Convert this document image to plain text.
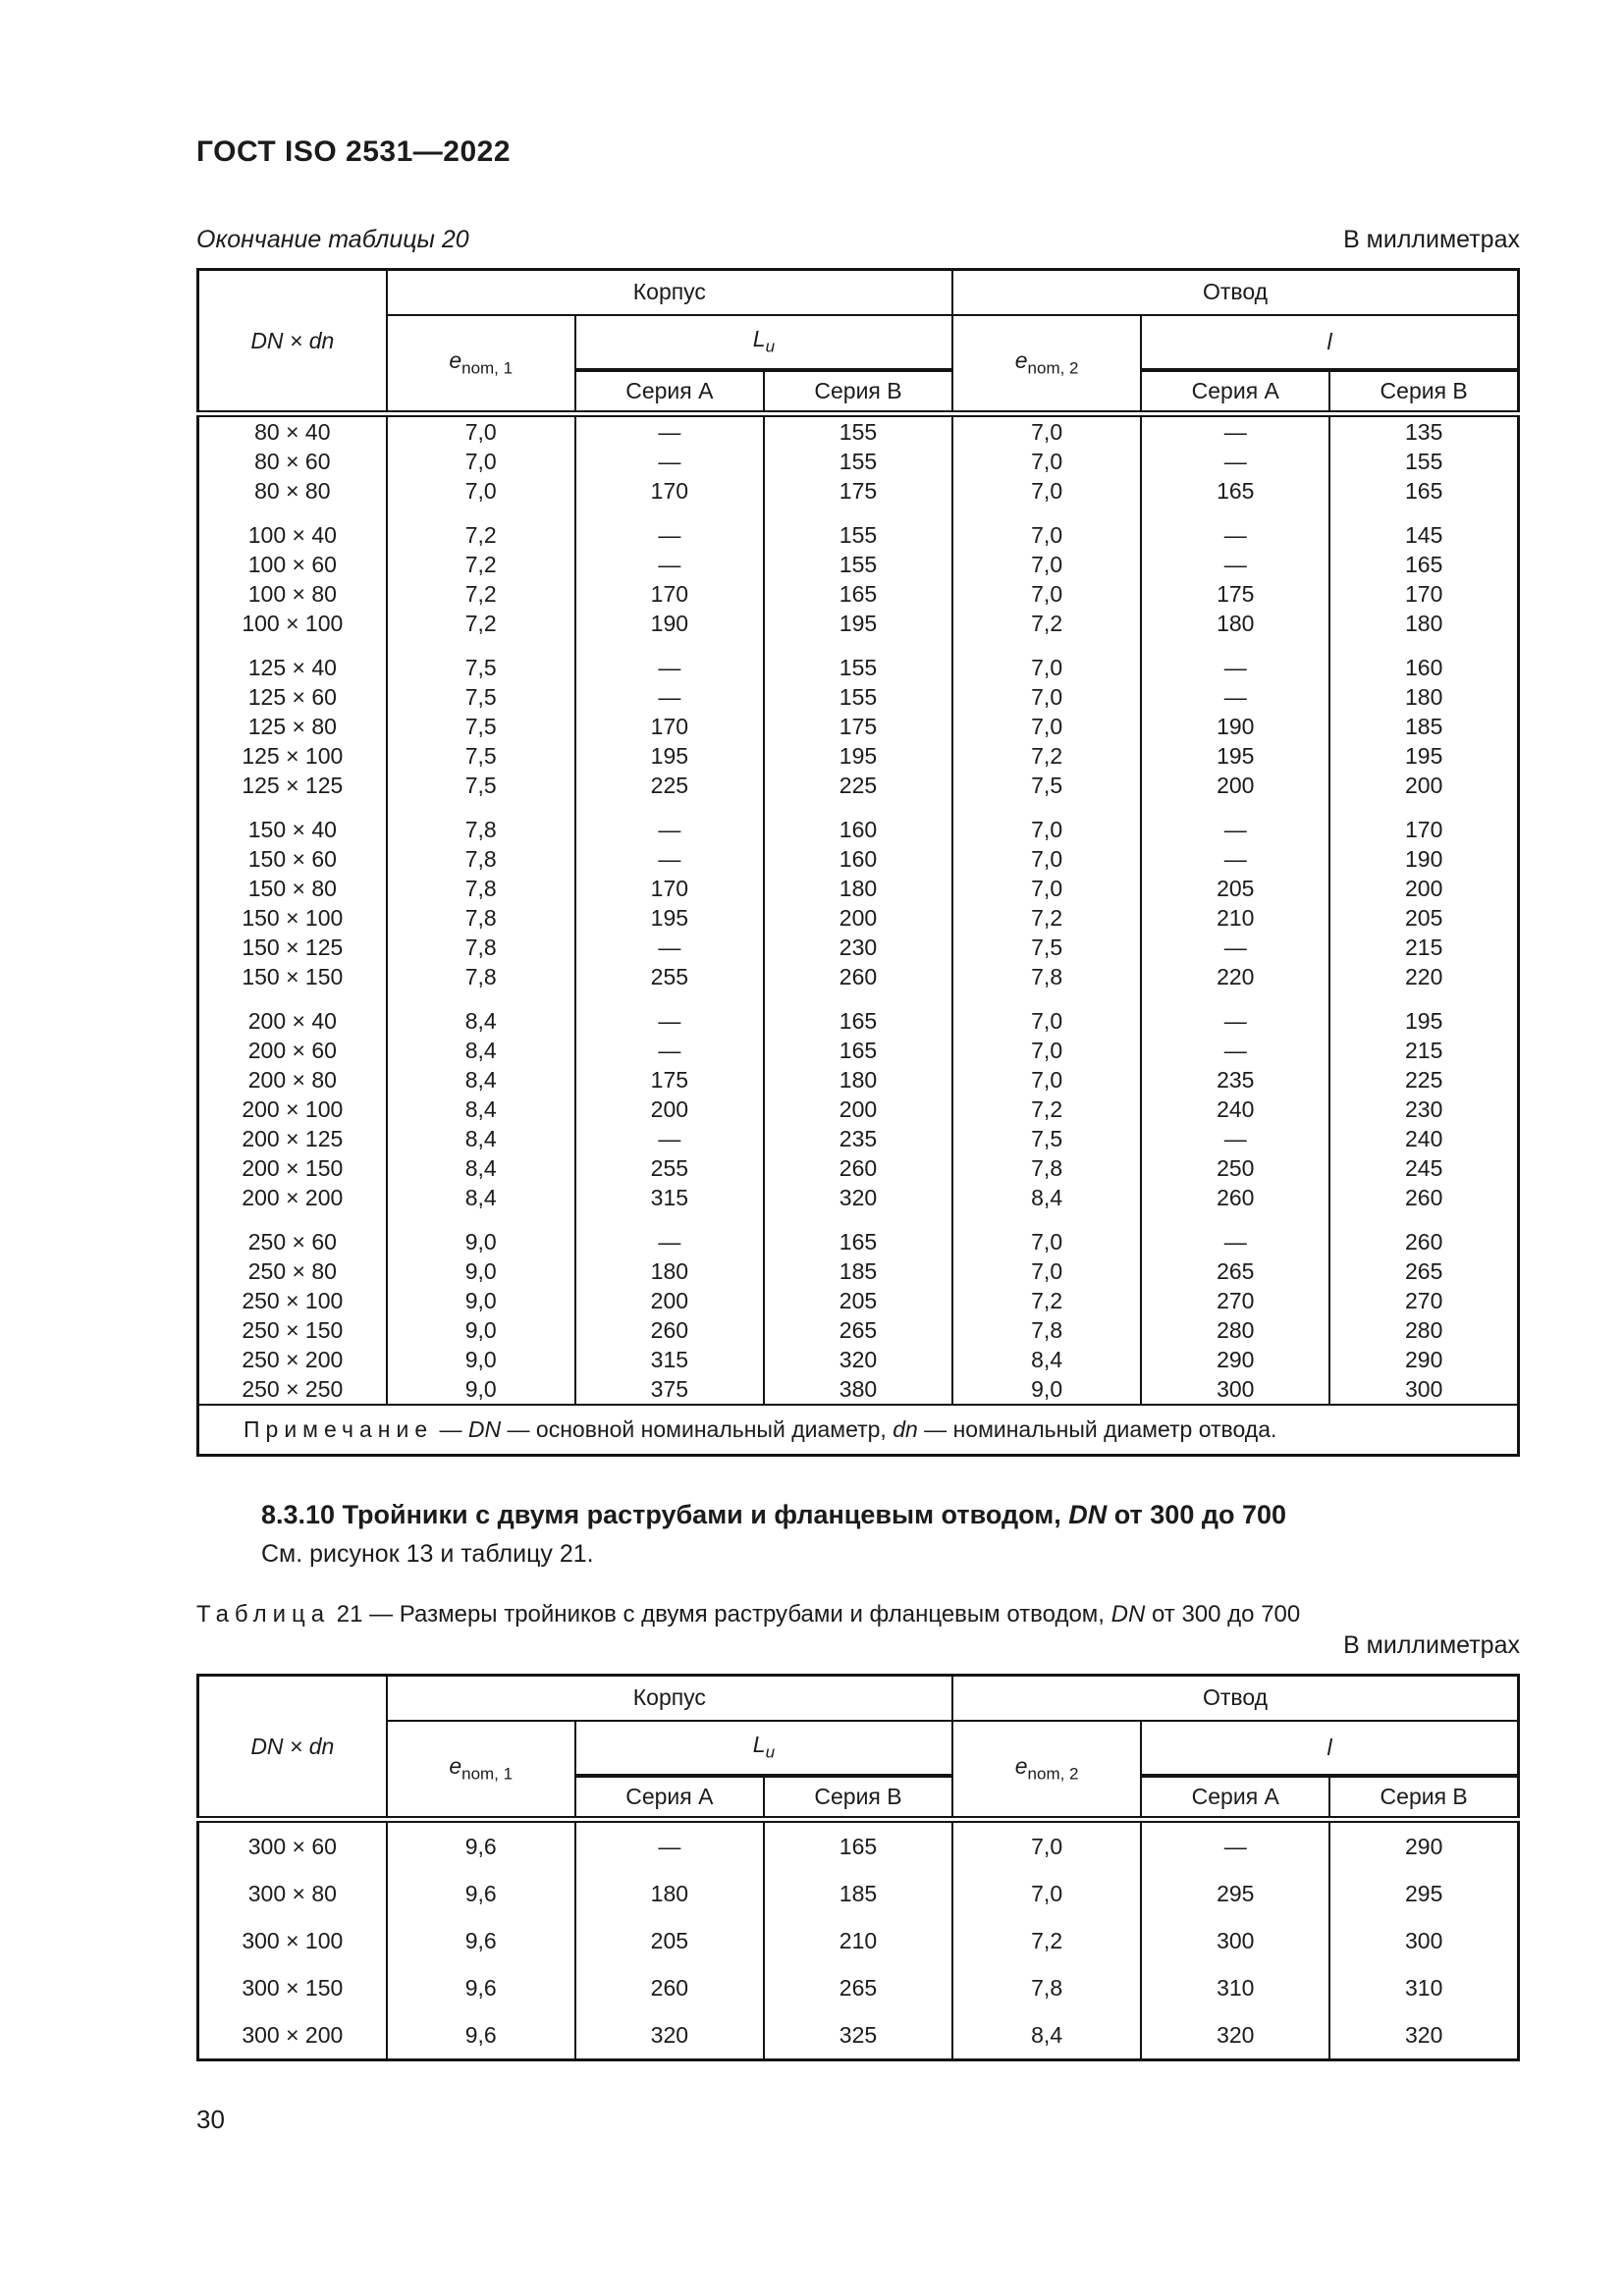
ГОСТ ISO 2531—2022
Окончание таблицы 20	В миллиметрах
DN × dn	Корпус			Отвод		
	$e_{nom, 1}$	$L_u$		$e_{nom, 2}$	l	
		Серия А	Серия В		Серия А	Серия В
80 × 40	7,0	—	155	7,0	—	135
80 × 60	7,0	—	155	7,0	—	155
80 × 80	7,0	170	175	7,0	165	165
100 × 40	7,2	—	155	7,0	—	145
100 × 60	7,2	—	155	7,0	—	165
100 × 80	7,2	170	165	7,0	175	170
100 × 100	7,2	190	195	7,2	180	180
125 × 40	7,5	—	155	7,0	—	160
125 × 60	7,5	—	155	7,0	—	180
125 × 80	7,5	170	175	7,0	190	185
125 × 100	7,5	195	195	7,2	195	195
125 × 125	7,5	225	225	7,5	200	200
150 × 40	7,8	—	160	7,0	—	170
150 × 60	7,8	—	160	7,0	—	190
150 × 80	7,8	170	180	7,0	205	200
150 × 100	7,8	195	200	7,2	210	205
150 × 125	7,8	—	230	7,5	—	215
150 × 150	7,8	255	260	7,8	220	220
200 × 40	8,4	—	165	7,0	—	195
200 × 60	8,4	—	165	7,0	—	215
200 × 80	8,4	175	180	7,0	235	225
200 × 100	8,4	200	200	7,2	240	230
200 × 125	8,4	—	235	7,5	—	240
200 × 150	8,4	255	260	7,8	250	245
200 × 200	8,4	315	320	8,4	260	260
250 × 60	9,0	—	165	7,0	—	260
250 × 80	9,0	180	185	7,0	265	265
250 × 100	9,0	200	205	7,2	270	270
250 × 150	9,0	260	265	7,8	280	280
250 × 200	9,0	315	320	8,4	290	290
250 × 250	9,0	375	380	9,0	300	300
Примечание — DN — основной номинальный диаметр, dn — номинальный диаметр отвода.						
8.3.10 Тройники с двумя раструбами и фланцевым отводом, DN от 300 до 700
См. рисунок 13 и таблицу 21.
Таблица 21 — Размеры тройников с двумя раструбами и фланцевым отводом, DN от 300 до 700
В миллиметрах
DN × dn	Корпус			Отвод		
	$e_{nom, 1}$	$L_u$		$e_{nom, 2}$	l	
		Серия А	Серия В		Серия А	Серия В
300 × 60	9,6	—	165	7,0	—	290
300 × 80	9,6	180	185	7,0	295	295
300 × 100	9,6	205	210	7,2	300	300
300 × 150	9,6	260	265	7,8	310	310
300 × 200	9,6	320	325	8,4	320	320
30
